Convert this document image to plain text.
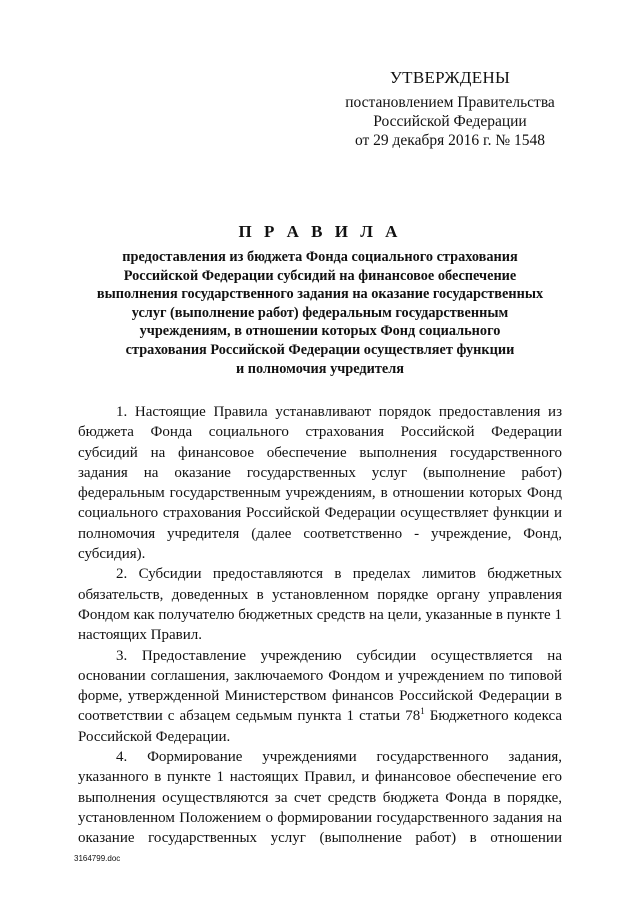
УТВЕРЖДЕНЫ
постановлением Правительства
Российской Федерации
от 29 декабря 2016 г. № 1548
П Р А В И Л А
предоставления из бюджета Фонда социального страхования
Российской Федерации субсидий на финансовое обеспечение
выполнения государственного задания на оказание государственных
услуг (выполнение работ) федеральным государственным
учреждениям, в отношении которых Фонд социального
страхования Российской Федерации осуществляет функции
и полномочия учредителя
1. Настоящие Правила устанавливают порядок предоставления из
бюджета Фонда социального страхования Российской Федерации
субсидий на финансовое обеспечение выполнения государственного
задания на оказание государственных услуг (выполнение работ)
федеральным государственным учреждениям, в отношении которых Фонд
социального страхования Российской Федерации осуществляет функции и
полномочия учредителя (далее соответственно - учреждение, Фонд,
субсидия).
2. Субсидии предоставляются в пределах лимитов бюджетных
обязательств, доведенных в установленном порядке органу управления
Фондом как получателю бюджетных средств на цели, указанные в пункте 1
настоящих Правил.
3. Предоставление учреждению субсидии осуществляется на
основании соглашения, заключаемого Фондом и учреждением по типовой
форме, утвержденной Министерством финансов Российской Федерации в
соответствии с абзацем седьмым пункта 1 статьи $78^1$ Бюджетного кодекса
Российской Федерации.
4. Формирование учреждениями государственного задания,
указанного в пункте 1 настоящих Правил, и финансовое обеспечение его
выполнения осуществляются за счет средств бюджета Фонда в порядке,
установленном Положением о формировании государственного задания на
оказание государственных услуг (выполнение работ) в отношении
3164799.doc
